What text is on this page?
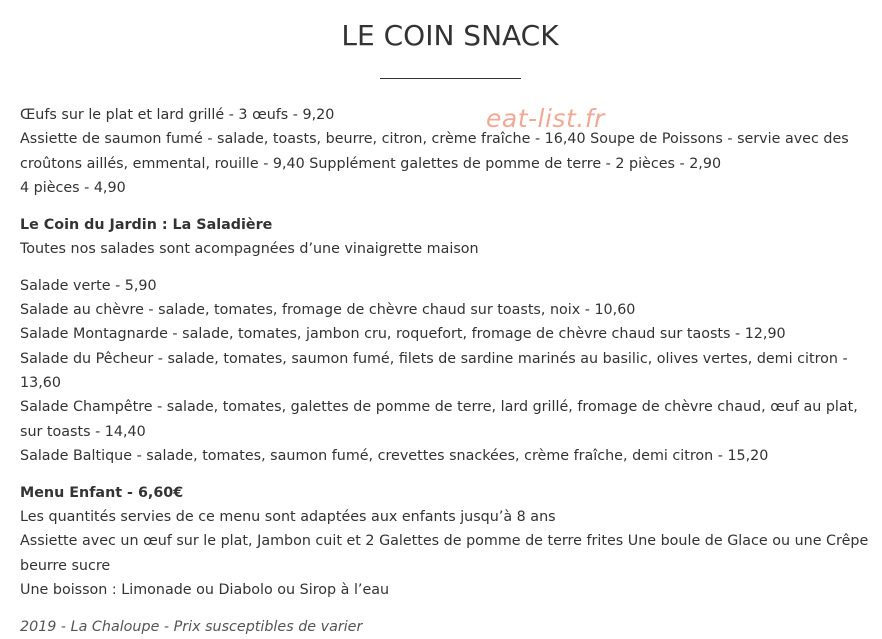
LE COIN SNACK
eat-list.fr

Œufs sur le plat et lard grillé - 3 œufs - 9,20

Assiette de saumon fumé - salade, toasts, beurre, citron, crème fraîche - 16,40 Soupe de Poissons - servie avec des croûtons aillés, emmental, rouille - 9,40 Supplément galettes de pomme de terre - 2 pièces - 2,90

4 pièces - 4,90

Le Coin du Jardin : La Saladière

Toutes nos salades sont acompagnées d’une vinaigrette maison

Salade verte - 5,90

Salade au chèvre - salade, tomates, fromage de chèvre chaud sur toasts, noix - 10,60

Salade Montagnarde - salade, tomates, jambon cru, roquefort, fromage de chèvre chaud sur taosts - 12,90

Salade du Pêcheur - salade, tomates, saumon fumé, filets de sardine marinés au basilic, olives vertes, demi citron - 13,60

Salade Champêtre - salade, tomates, galettes de pomme de terre, lard grillé, fromage de chèvre chaud, œuf au plat, sur toasts - 14,40

Salade Baltique - salade, tomates, saumon fumé, crevettes snackées, crème fraîche, demi citron - 15,20

Menu Enfant - 6,60€

Les quantités servies de ce menu sont adaptées aux enfants jusqu’à 8 ans

Assiette avec un œuf sur le plat, Jambon cuit et 2 Galettes de pomme de terre frites Une boule de Glace ou une Crêpe beurre sucre

Une boisson : Limonade ou Diabolo ou Sirop à l’eau

2019 - La Chaloupe - Prix susceptibles de varier
